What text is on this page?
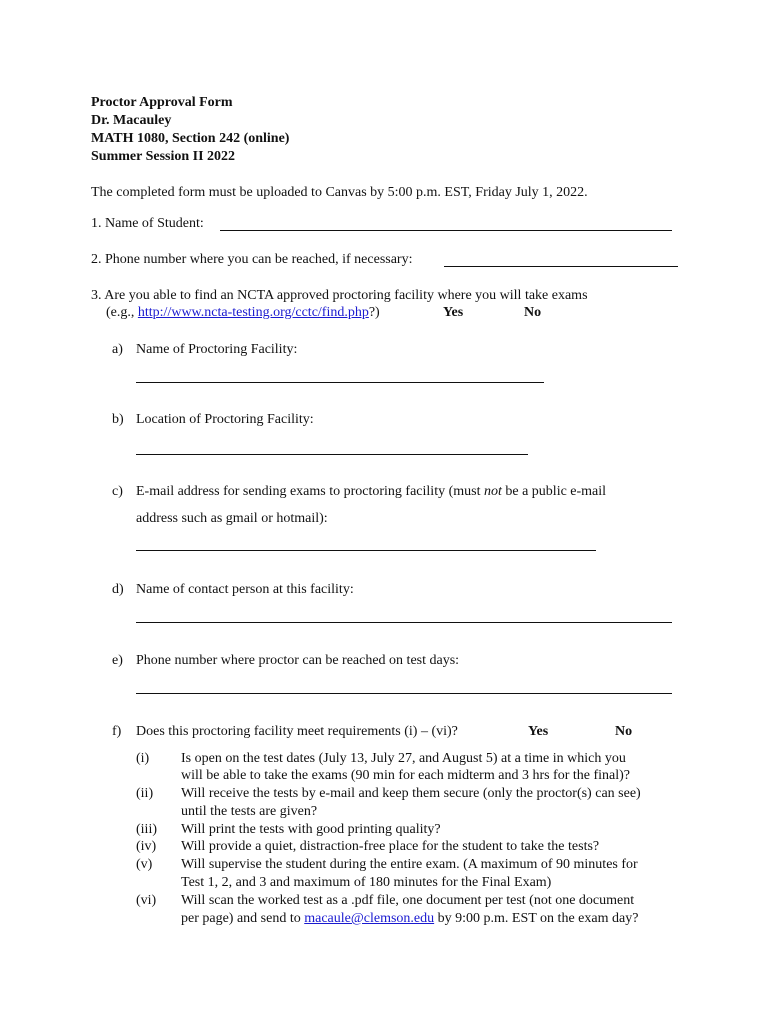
Proctor Approval Form
Dr. Macauley
MATH 1080, Section 242 (online)
Summer Session II 2022
The completed form must be uploaded to Canvas by 5:00 p.m. EST, Friday July 1, 2022.
1. Name of Student:
2. Phone number where you can be reached, if necessary:
3. Are you able to find an NCTA approved proctoring facility where you will take exams
(e.g., http://www.ncta-testing.org/cctc/find.php?)	Yes	No
a) Name of Proctoring Facility:
b) Location of Proctoring Facility:
c) E-mail address for sending exams to proctoring facility (must not be a public e-mail
address such as gmail or hotmail):
d) Name of contact person at this facility:
e) Phone number where proctor can be reached on test days:
f) Does this proctoring facility meet requirements (i) – (vi)?	Yes	No
(i) Is open on the test dates (July 13, July 27, and August 5) at a time in which you
will be able to take the exams (90 min for each midterm and 3 hrs for the final)?
(ii) Will receive the tests by e-mail and keep them secure (only the proctor(s) can see)
until the tests are given?
(iii) Will print the tests with good printing quality?
(iv) Will provide a quiet, distraction-free place for the student to take the tests?
(v) Will supervise the student during the entire exam. (A maximum of 90 minutes for
Test 1, 2, and 3 and maximum of 180 minutes for the Final Exam)
(vi) Will scan the worked test as a .pdf file, one document per test (not one document
per page) and send to macaule@clemson.edu by 9:00 p.m. EST on the exam day?
